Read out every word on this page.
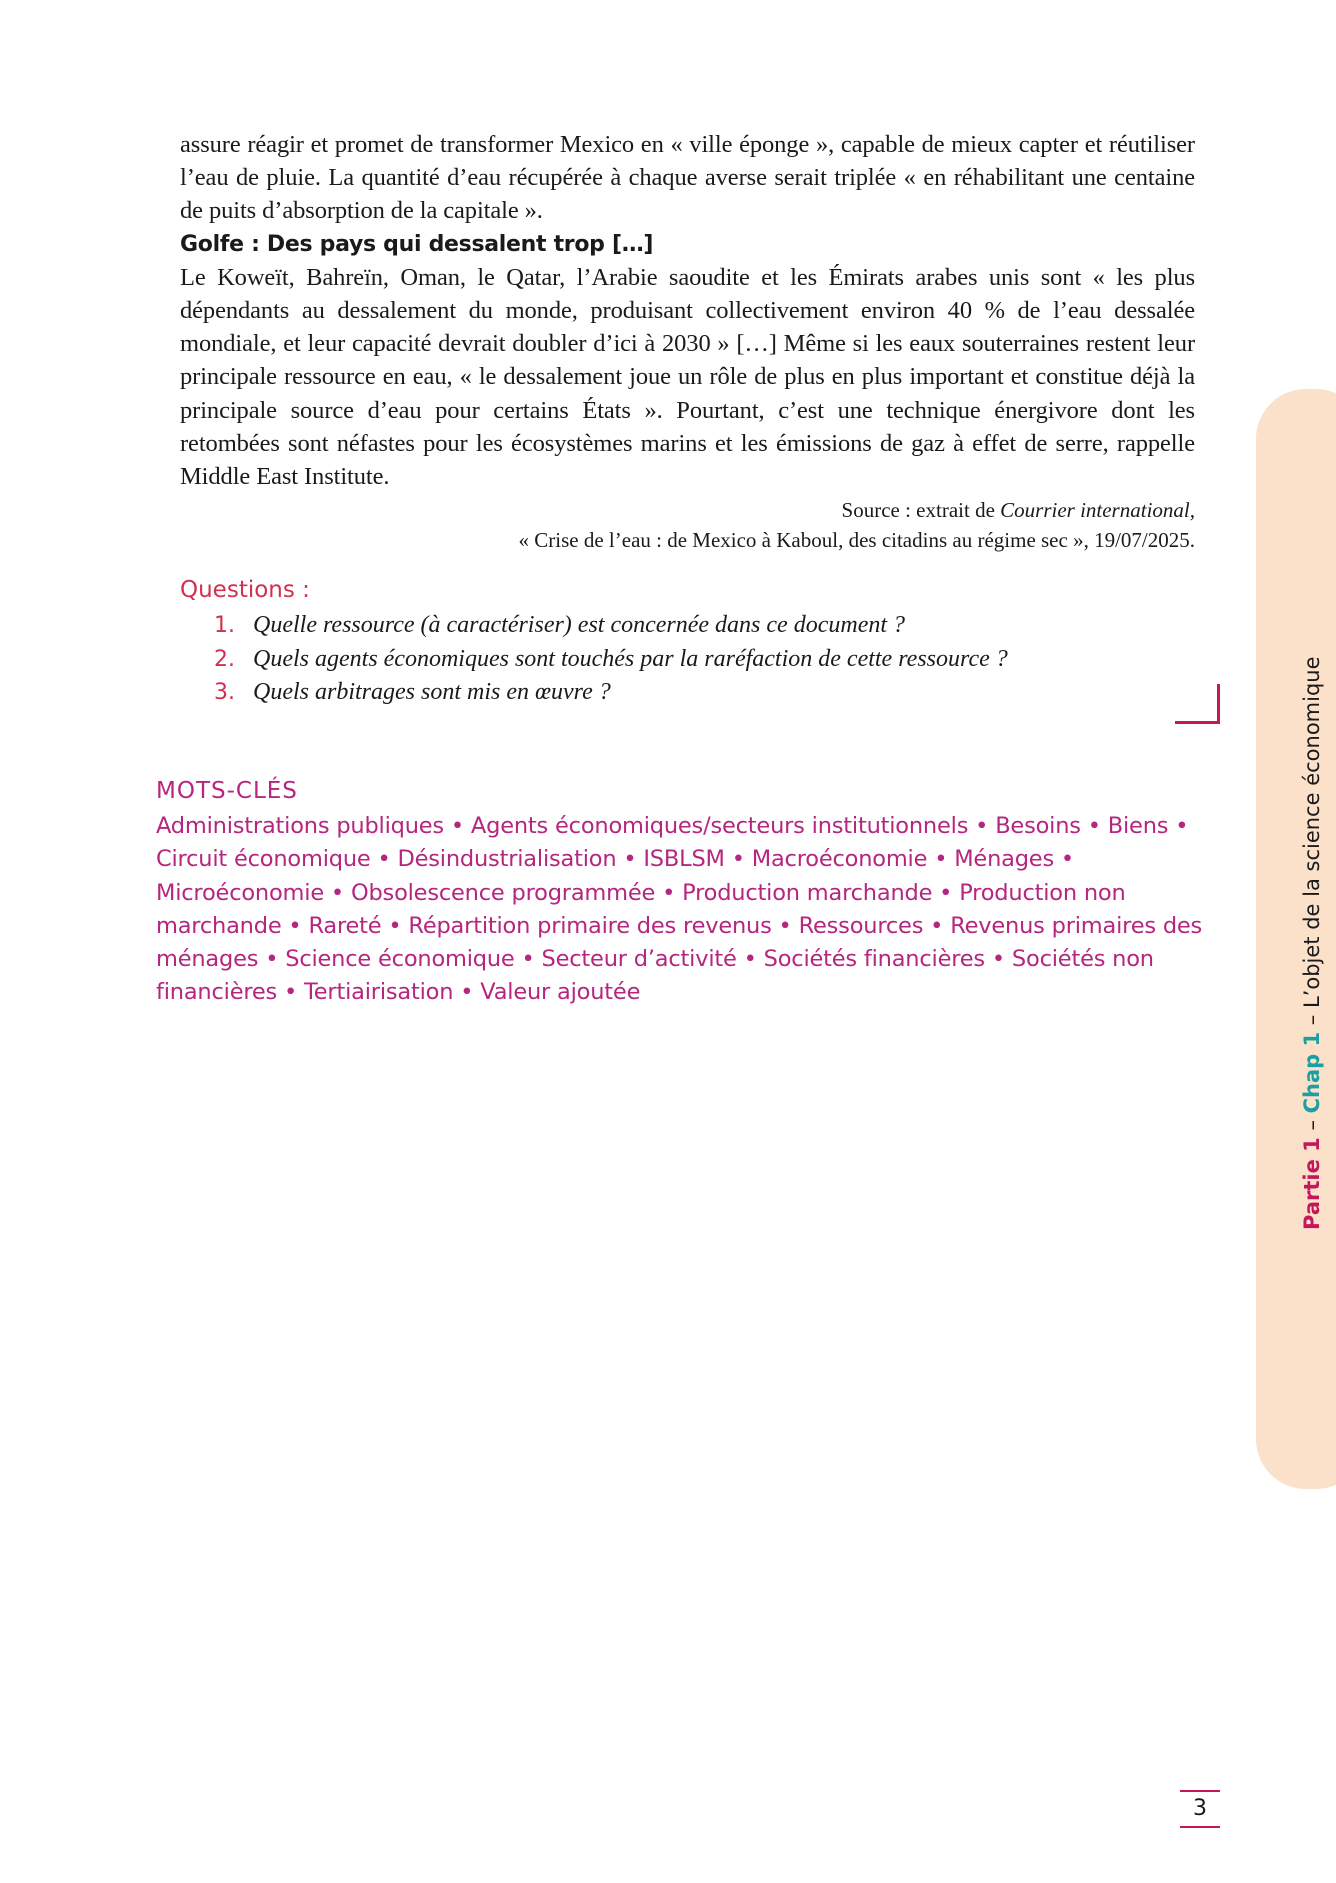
assure réagir et promet de transformer Mexico en « ville éponge », capable de mieux capter et réutiliser l’eau de pluie. La quantité d’eau récupérée à chaque averse serait triplée « en réhabilitant une centaine de puits d’absorption de la capitale ».

Golfe : Des pays qui dessalent trop […]

Le Koweït, Bahreïn, Oman, le Qatar, l’Arabie saoudite et les Émirats arabes unis sont « les plus dépendants au dessalement du monde, produisant collectivement environ 40 % de l’eau dessalée mondiale, et leur capacité devrait doubler d’ici à 2030 » […] Même si les eaux souterraines restent leur principale ressource en eau, « le dessalement joue un rôle de plus en plus important et constitue déjà la principale source d’eau pour certains États ». Pourtant, c’est une technique énergivore dont les retombées sont néfastes pour les écosystèmes marins et les émissions de gaz à effet de serre, rappelle Middle East Institute.

Source : extrait de Courrier international,
« Crise de l’eau : de Mexico à Kaboul, des citadins au régime sec », 19/07/2025.

Questions :

1. Quelle ressource (à caractériser) est concernée dans ce document ?
2. Quels agents économiques sont touchés par la raréfaction de cette ressource ?
3. Quels arbitrages sont mis en œuvre ?

MOTS-CLÉS

Administrations publiques • Agents économiques/secteurs institutionnels • Besoins • Biens • Circuit économique • Désindustrialisation • ISBLSM • Macroéconomie • Ménages • Microéconomie • Obsolescence programmée • Production marchande • Production non marchande • Rareté • Répartition primaire des revenus • Ressources • Revenus primaires des ménages • Science économique • Secteur d’activité • Sociétés financières • Sociétés non financières • Tertiairisation • Valeur ajoutée

Partie 1 – Chap 1 – L’objet de la science économique
3
